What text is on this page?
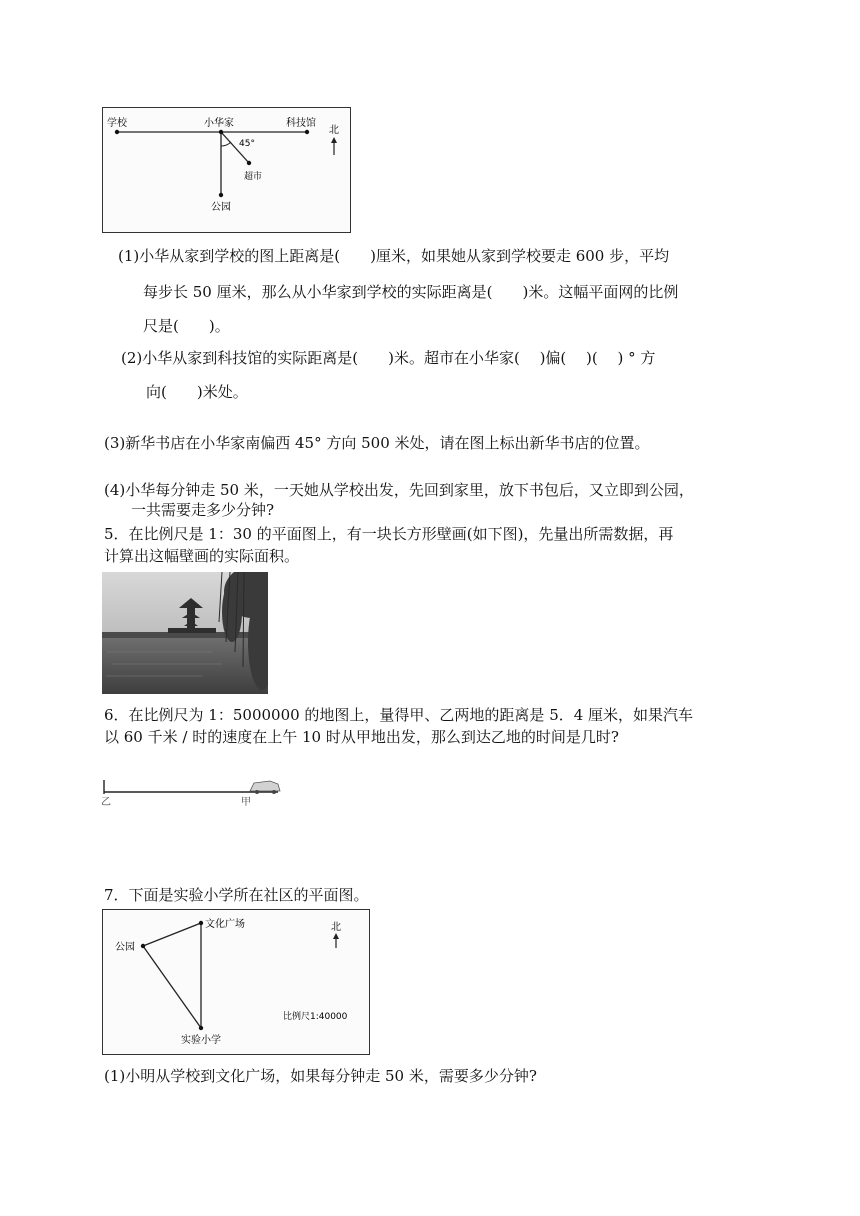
学校	小华家	科技馆
45°
超市
公园
北
(1)小华从家到学校的图上距离是(　　)厘米，如果她从家到学校要走 600 步，平均
每步长 50 厘米，那么从小华家到学校的实际距离是(　　)米。这幅平面网的比例
尺是(　　)。
(2)小华从家到科技馆的实际距离是(　　)米。超市在小华家(　 )偏(　 )(　 ) ° 方
向(　　)米处。
(3)新华书店在小华家南偏西 45° 方向 500 米处，请在图上标出新华书店的位置。
(4)小华每分钟走 50 米，一天她从学校出发，先回到家里，放下书包后，又立即到公园，
一共需要走多少分钟?
5．在比例尺是 1：30 的平面图上，有一块长方形壁画(如下图)，先量出所需数据，再
计算出这幅壁画的实际面积。
6．在比例尺为 1：5000000 的地图上，量得甲、乙两地的距离是 5．4 厘米，如果汽车
以 60 千米 / 时的速度在上午 10 时从甲地出发，那么到达乙地的时间是几时?
乙	甲
7．下面是实验小学所在社区的平面图。
文化广场
公园
实验小学
北
比例尺1:40000
(1)小明从学校到文化广场，如果每分钟走 50 米，需要多少分钟?
